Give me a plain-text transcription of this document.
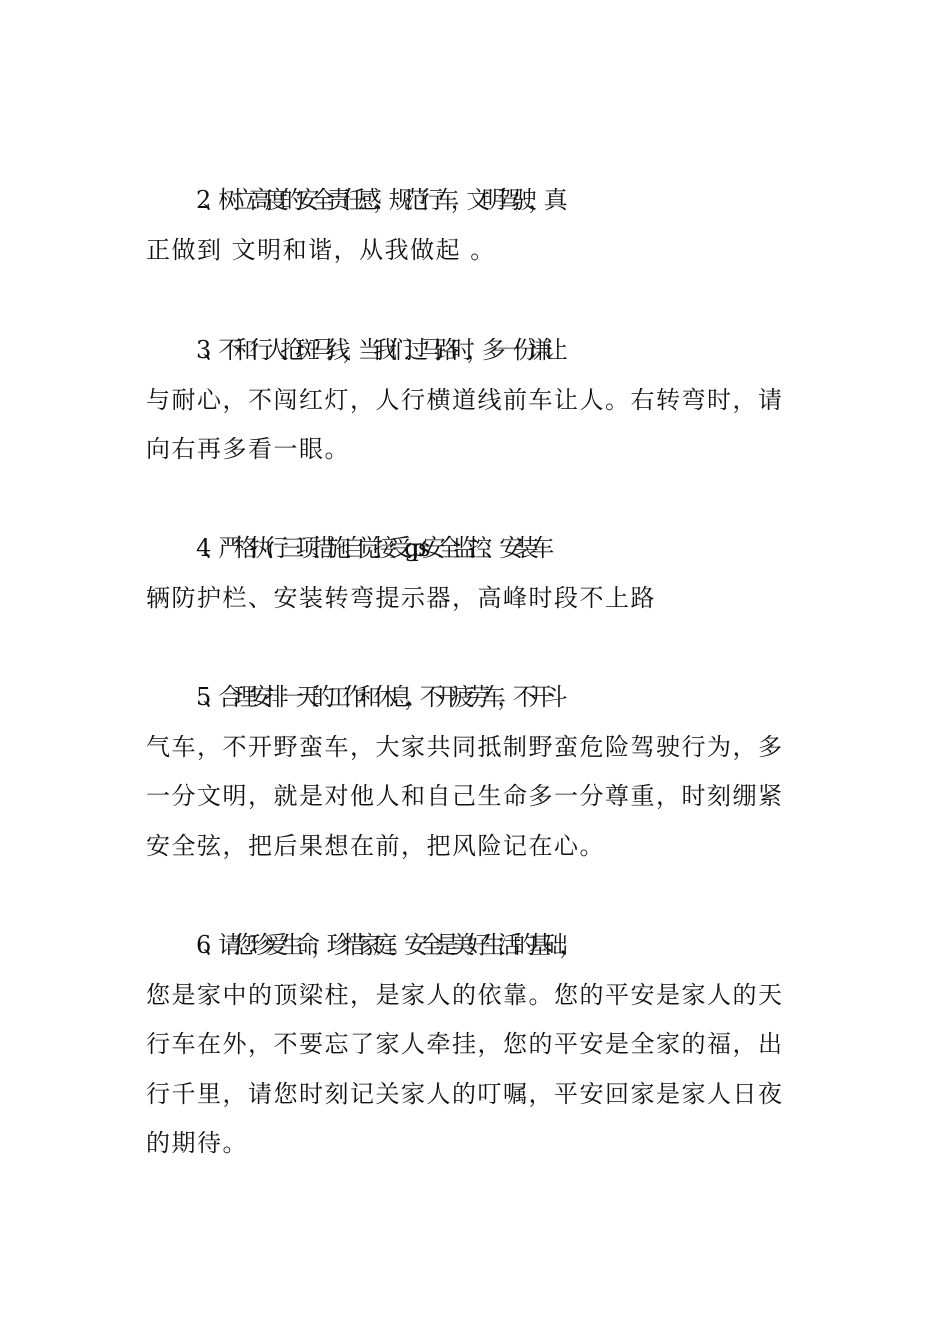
2、树立高度的安全责任感，规范行车，文明驾驶，真
正做到 文明和谐，从我做起 。
3、不和行人抢斑马线，当我们过马路时，多一份谦让
与耐心，不闯红灯，人行横道线前车让人。右转弯时，请
向右再多看一眼。
4、严格执行三项措施自觉接受gps安全监控、安装车
辆防护栏、安装转弯提示器，高峰时段不上路
5、合理安排一天的工作和休息，不开疲劳车，不开斗
气车，不开野蛮车，大家共同抵制野蛮危险驾驶行为，多
一分文明，就是对他人和自己生命多一分尊重，时刻绷紧
安全弦，把后果想在前，把风险记在心。
6、请您珍爱生命，珍惜家庭。安全是美好生活的基础，
您是家中的顶梁柱，是家人的依靠。您的平安是家人的天
行车在外，不要忘了家人牵挂，您的平安是全家的福，出
行千里，请您时刻记关家人的叮嘱，平安回家是家人日夜
的期待。
